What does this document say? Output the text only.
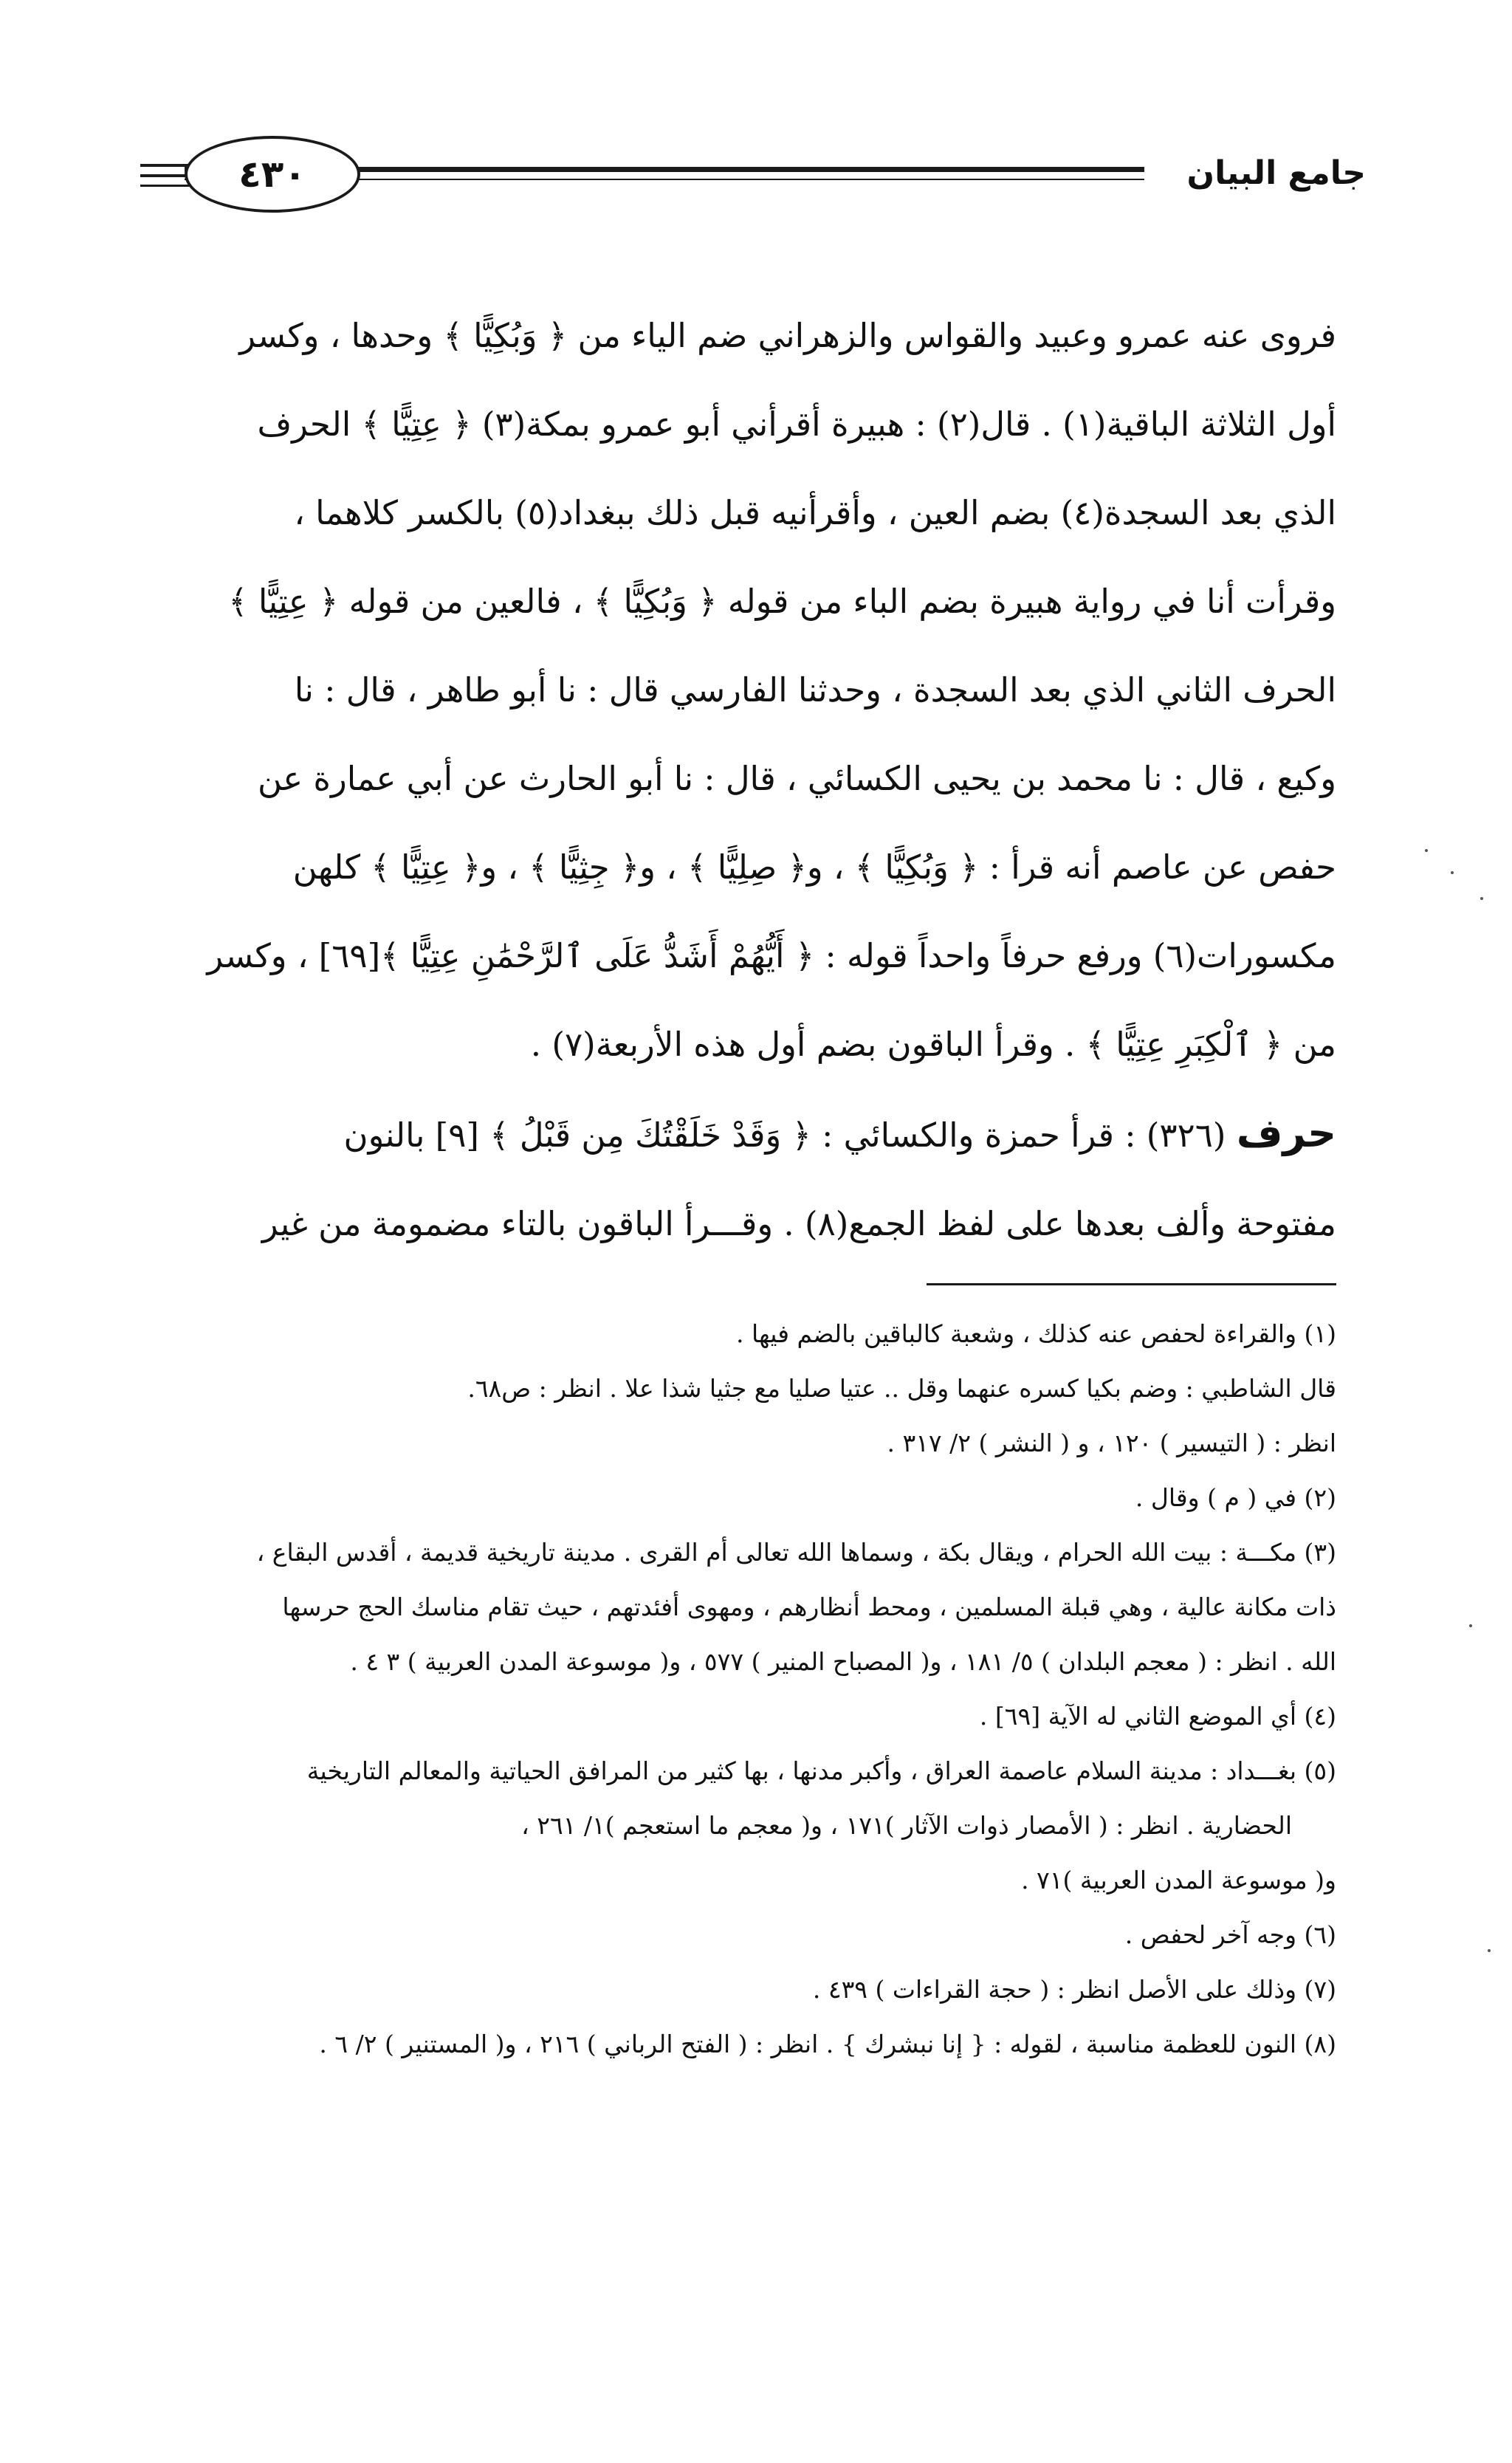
٤٣٠	جامع البيان
فروى عنه عمرو وعبيد والقواس والزهراني ضم الياء من ﴿ وَبُكِيًّا ﴾ وحدها ، وكسر
أول الثلاثة الباقية(١) . قال(٢) : هبيرة أقرأني أبو عمرو بمكة(٣) ﴿ عِتِيًّا ﴾ الحرف
الذي بعد السجدة(٤) بضم العين ، وأقرأنيه قبل ذلك ببغداد(٥) بالكسر كلاهما ،
وقرأت أنا في رواية هبيرة بضم الباء من قوله ﴿ وَبُكِيًّا ﴾ ، فالعين من قوله ﴿ عِتِيًّا ﴾
الحرف الثاني الذي بعد السجدة ، وحدثنا الفارسي قال : نا أبو طاهر ، قال : نا
وكيع ، قال : نا محمد بن يحيى الكسائي ، قال : نا أبو الحارث عن أبي عمارة عن
حفص عن عاصم أنه قرأ : ﴿ وَبُكِيًّا ﴾ ، و﴿ صِلِيًّا ﴾ ، و﴿ جِثِيًّا ﴾ ، و﴿ عِتِيًّا ﴾ كلهن
مكسورات(٦) ورفع حرفاً واحداً قوله : ﴿ أَيُّهُمْ أَشَدُّ عَلَى ٱلرَّحْمَٰنِ عِتِيًّا ﴾[٦٩] ، وكسر
من ﴿ ٱلْكِبَرِ عِتِيًّا ﴾ . وقرأ الباقون بضم أول هذه الأربعة(٧) .
حرف (٣٢٦) : قرأ حمزة والكسائي : ﴿ وَقَدْ خَلَقْتُكَ مِن قَبْلُ ﴾ [٩] بالنون
مفتوحة وألف بعدها على لفظ الجمع(٨) . وقـــرأ الباقون بالتاء مضمومة من غير
(١) والقراءة لحفص عنه كذلك ، وشعبة كالباقين بالضم فيها .
قال الشاطبي : وضم بكيا كسره عنهما وقل .. عتيا صليا مع جثيا شذا علا . انظر : ص٦٨.
انظر : ( التيسير ) ١٢٠ ، و ( النشر ) ٢/ ٣١٧ .
(٢) في ( م ) وقال .
(٣) مكـــة : بيت الله الحرام ، ويقال بكة ، وسماها الله تعالى أم القرى . مدينة تاريخية قديمة ، أقدس البقاع ،
ذات مكانة عالية ، وهي قبلة المسلمين ، ومحط أنظارهم ، ومهوى أفئدتهم ، حيث تقام مناسك الحج حرسها
الله . انظر : ( معجم البلدان ) ٥/ ١٨١ ، و( المصباح المنير ) ٥٧٧ ، و( موسوعة المدن العربية ) ٣ ٤ .
(٤) أي الموضع الثاني له الآية [٦٩] .
(٥) بغـــداد : مدينة السلام عاصمة العراق ، وأكبر مدنها ، بها كثير من المرافق الحياتية والمعالم التاريخية
الحضارية . انظر : ( الأمصار ذوات الآثار )١٧١ ، و( معجم ما استعجم )١/ ٢٦١ ،
و( موسوعة المدن العربية )٧١ .
(٦) وجه آخر لحفص .
(٧) وذلك على الأصل انظر : ( حجة القراءات ) ٤٣٩ .
(٨) النون للعظمة مناسبة ، لقوله : { إنا نبشرك } . انظر : ( الفتح الرباني ) ٢١٦ ، و( المستنير ) ٢/ ٦ .
